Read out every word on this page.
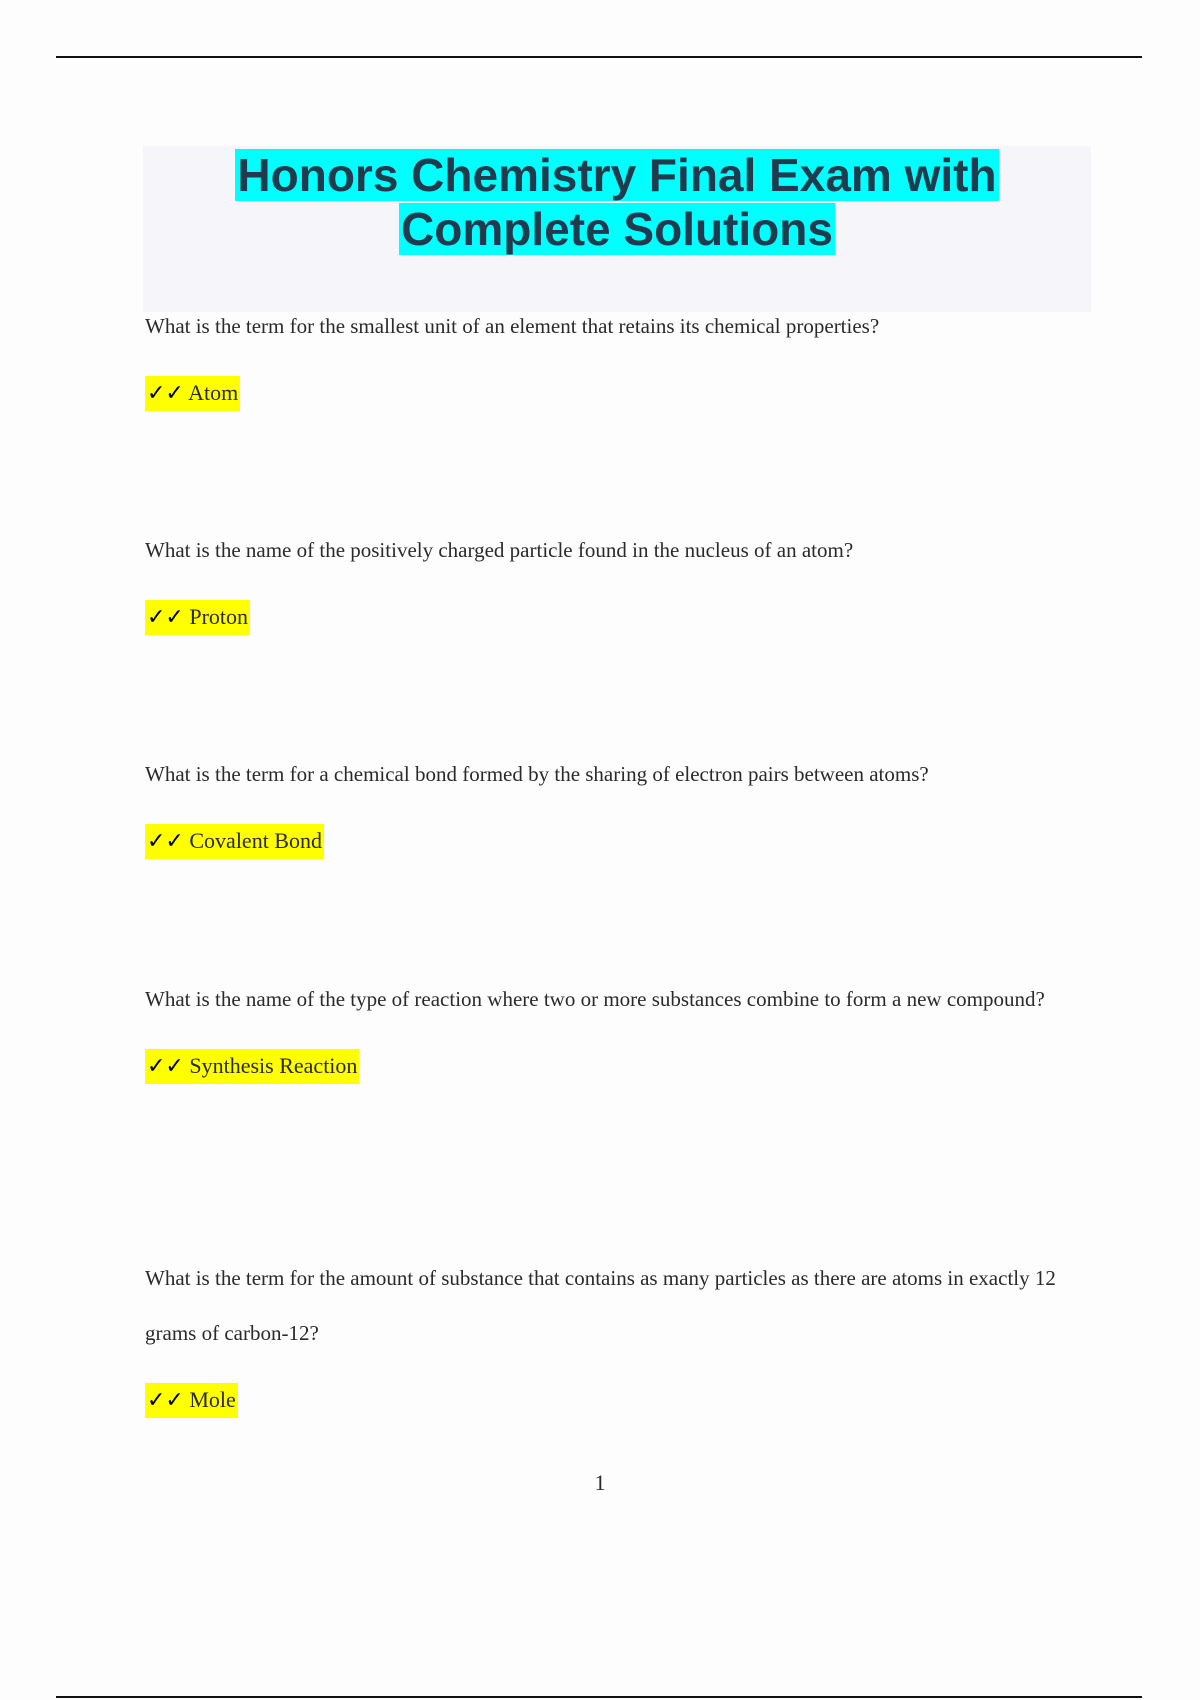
Honors Chemistry Final Exam with Complete Solutions

What is the term for the smallest unit of an element that retains its chemical properties?

✓✓ Atom

What is the name of the positively charged particle found in the nucleus of an atom?

✓✓ Proton

What is the term for a chemical bond formed by the sharing of electron pairs between atoms?

✓✓ Covalent Bond

What is the name of the type of reaction where two or more substances combine to form a new compound?

✓✓ Synthesis Reaction

What is the term for the amount of substance that contains as many particles as there are atoms in exactly 12 grams of carbon-12?

✓✓ Mole

1
